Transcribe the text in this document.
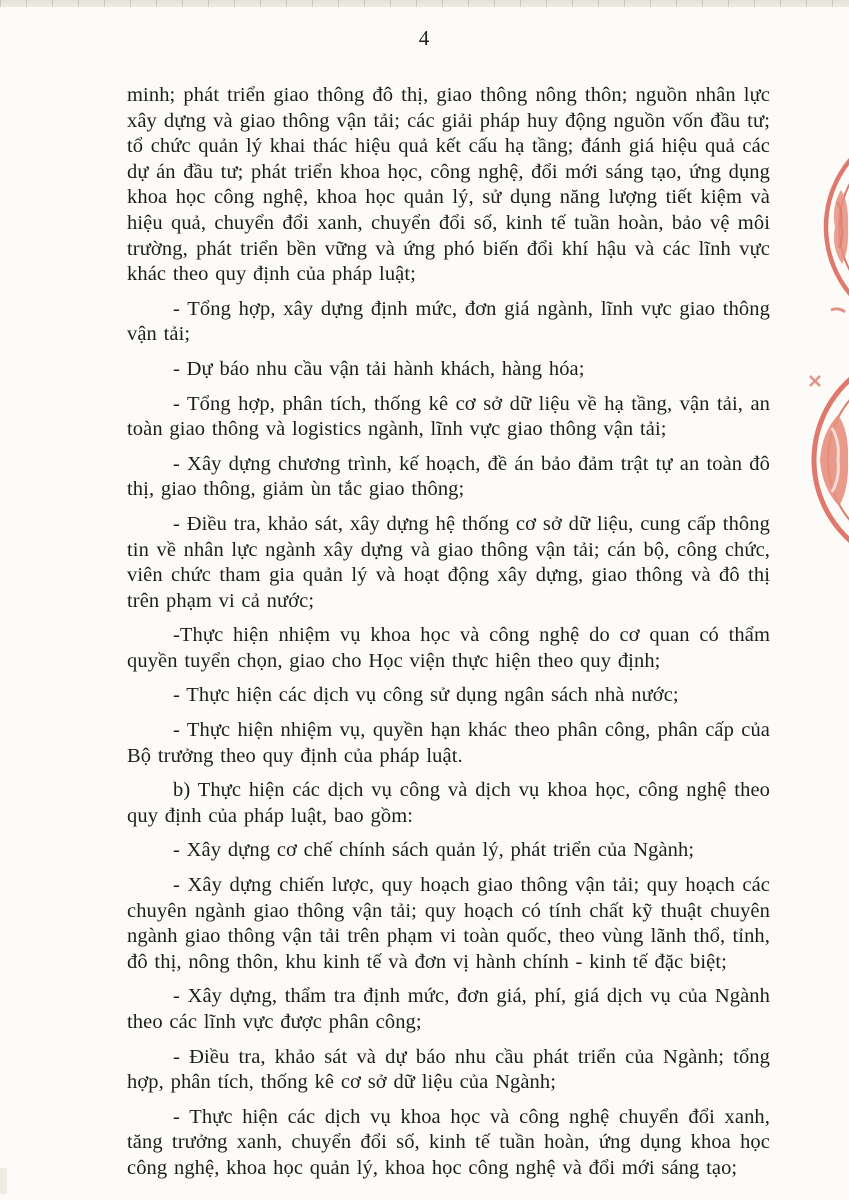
4

minh; phát triển giao thông đô thị, giao thông nông thôn; nguồn nhân lực xây dựng và giao thông vận tải; các giải pháp huy động nguồn vốn đầu tư; tổ chức quản lý khai thác hiệu quả kết cấu hạ tầng; đánh giá hiệu quả các dự án đầu tư; phát triển khoa học, công nghệ, đổi mới sáng tạo, ứng dụng khoa học công nghệ, khoa học quản lý, sử dụng năng lượng tiết kiệm và hiệu quả, chuyển đổi xanh, chuyển đổi số, kinh tế tuần hoàn, bảo vệ môi trường, phát triển bền vững và ứng phó biến đổi khí hậu và các lĩnh vực khác theo quy định của pháp luật;

- Tổng hợp, xây dựng định mức, đơn giá ngành, lĩnh vực giao thông vận tải;

- Dự báo nhu cầu vận tải hành khách, hàng hóa;

- Tổng hợp, phân tích, thống kê cơ sở dữ liệu về hạ tầng, vận tải, an toàn giao thông và logistics ngành, lĩnh vực giao thông vận tải;

- Xây dựng chương trình, kế hoạch, đề án bảo đảm trật tự an toàn đô thị, giao thông, giảm ùn tắc giao thông;

- Điều tra, khảo sát, xây dựng hệ thống cơ sở dữ liệu, cung cấp thông tin về nhân lực ngành xây dựng và giao thông vận tải; cán bộ, công chức, viên chức tham gia quản lý và hoạt động xây dựng, giao thông và đô thị trên phạm vi cả nước;

-Thực hiện nhiệm vụ khoa học và công nghệ do cơ quan có thẩm quyền tuyển chọn, giao cho Học viện thực hiện theo quy định;

- Thực hiện các dịch vụ công sử dụng ngân sách nhà nước;

- Thực hiện nhiệm vụ, quyền hạn khác theo phân công, phân cấp của Bộ trưởng theo quy định của pháp luật.

b) Thực hiện các dịch vụ công và dịch vụ khoa học, công nghệ theo quy định của pháp luật, bao gồm:

- Xây dựng cơ chế chính sách quản lý, phát triển của Ngành;

- Xây dựng chiến lược, quy hoạch giao thông vận tải; quy hoạch các chuyên ngành giao thông vận tải; quy hoạch có tính chất kỹ thuật chuyên ngành giao thông vận tải trên phạm vi toàn quốc, theo vùng lãnh thổ, tỉnh, đô thị, nông thôn, khu kinh tế và đơn vị hành chính - kinh tế đặc biệt;

- Xây dựng, thẩm tra định mức, đơn giá, phí, giá dịch vụ của Ngành theo các lĩnh vực được phân công;

- Điều tra, khảo sát và dự báo nhu cầu phát triển của Ngành; tổng hợp, phân tích, thống kê cơ sở dữ liệu của Ngành;

- Thực hiện các dịch vụ khoa học và công nghệ chuyển đổi xanh, tăng trưởng xanh, chuyển đổi số, kinh tế tuần hoàn, ứng dụng khoa học công nghệ, khoa học quản lý, khoa học công nghệ và đổi mới sáng tạo;
